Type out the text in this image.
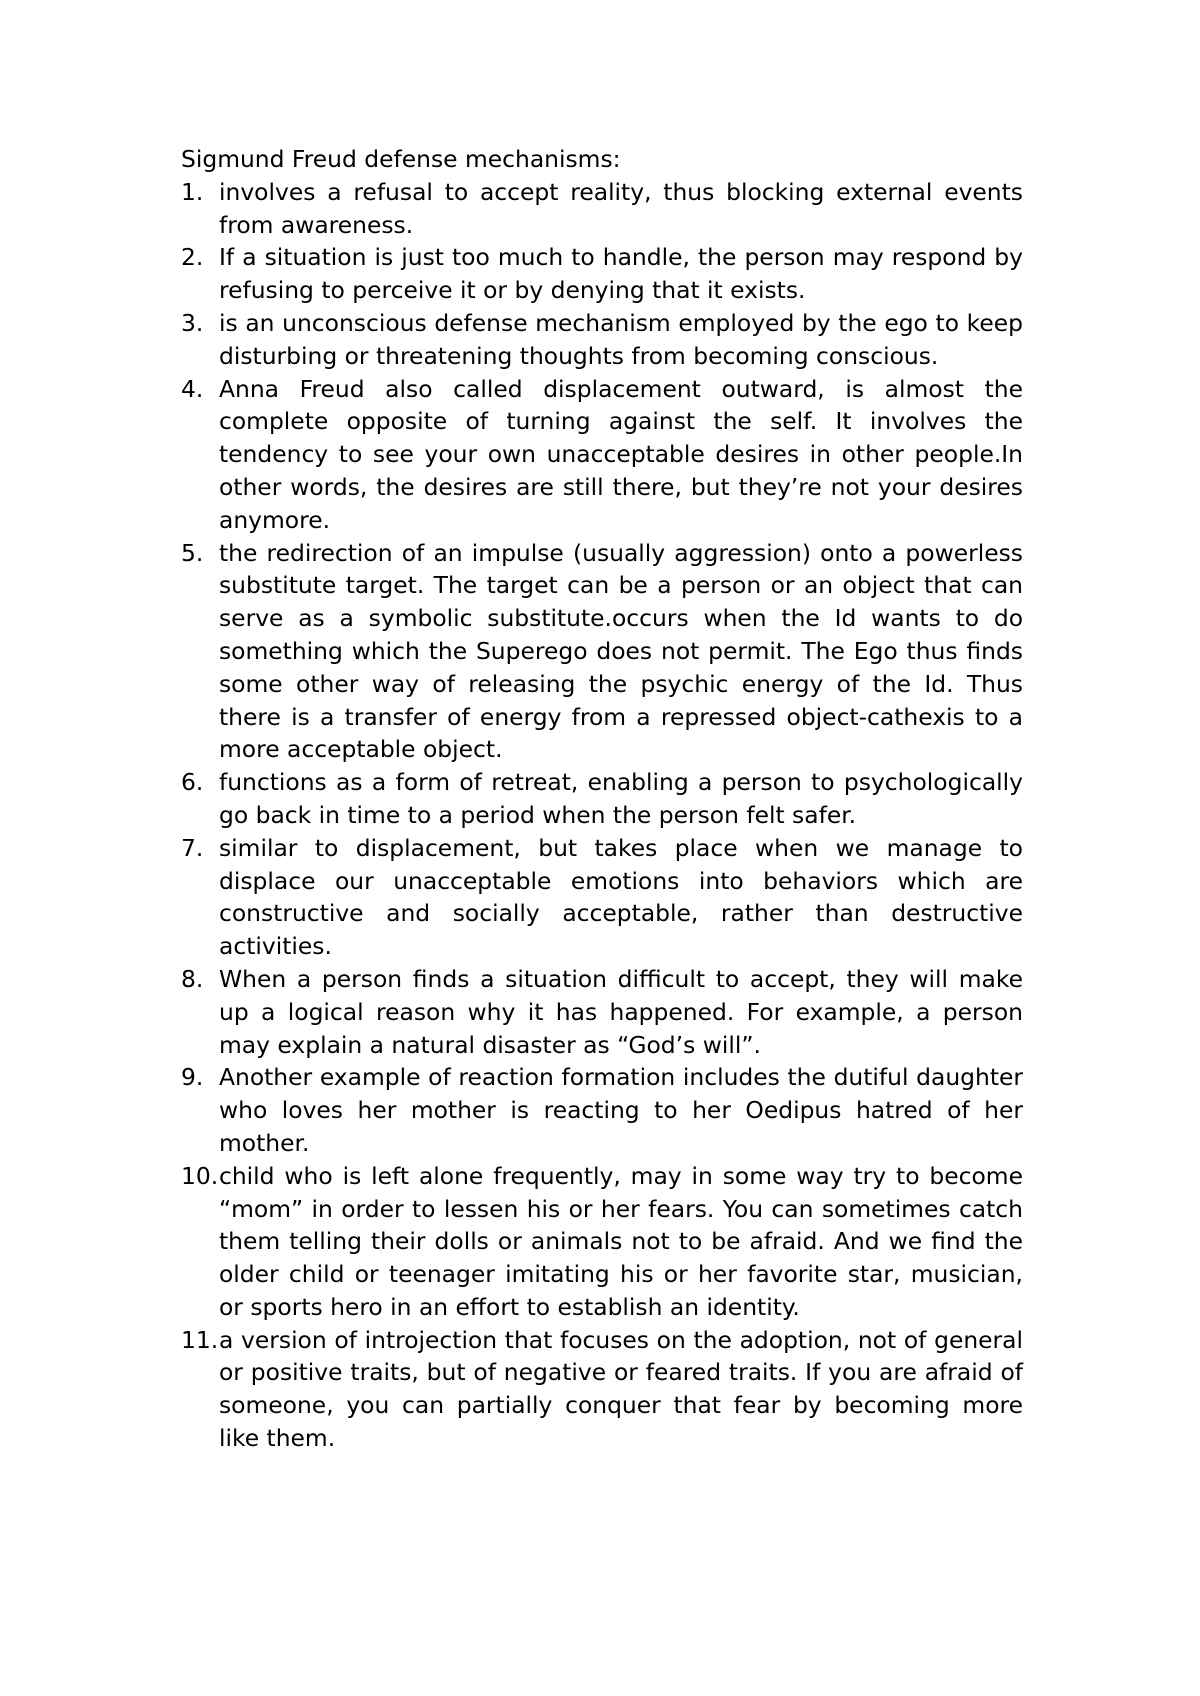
Sigmund Freud defense mechanisms:
1. involves a refusal to accept reality, thus blocking external events from awareness.
2. If a situation is just too much to handle, the person may respond by refusing to perceive it or by denying that it exists.
3. is an unconscious defense mechanism employed by the ego to keep disturbing or threatening thoughts from becoming conscious.
4. Anna Freud also called displacement outward, is almost the complete opposite of turning against the self. It involves the tendency to see your own unacceptable desires in other people.In other words, the desires are still there, but they’re not your desires anymore.
5. the redirection of an impulse (usually aggression) onto a powerless substitute target. The target can be a person or an object that can serve as a symbolic substitute.occurs when the Id wants to do something which the Superego does not permit. The Ego thus finds some other way of releasing the psychic energy of the Id. Thus there is a transfer of energy from a repressed object-cathexis to a more acceptable object.
6. functions as a form of retreat, enabling a person to psychologically go back in time to a period when the person felt safer.
7. similar to displacement, but takes place when we manage to displace our unacceptable emotions into behaviors which are constructive and socially acceptable, rather than destructive activities.
8. When a person finds a situation difficult to accept, they will make up a logical reason why it has happened. For example, a person may explain a natural disaster as “God’s will”.
9. Another example of reaction formation includes the dutiful daughter who loves her mother is reacting to her Oedipus hatred of her mother.
10. child who is left alone frequently, may in some way try to become “mom” in order to lessen his or her fears. You can sometimes catch them telling their dolls or animals not to be afraid. And we find the older child or teenager imitating his or her favorite star, musician, or sports hero in an effort to establish an identity.
11. a version of introjection that focuses on the adoption, not of general or positive traits, but of negative or feared traits. If you are afraid of someone, you can partially conquer that fear by becoming more like them.
